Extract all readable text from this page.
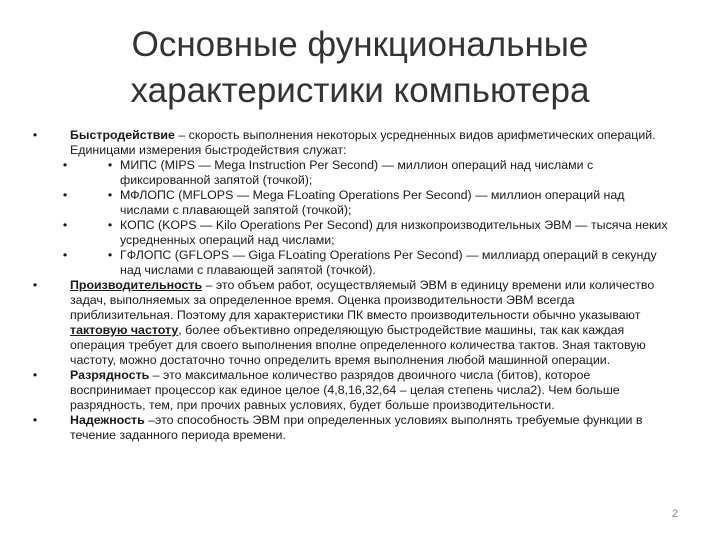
Основные функциональные
характеристики компьютера
•	Быстродействие – скорость выполнения некоторых усредненных видов арифметических операций. Единицами измерения быстродействия служат:
•	• МИПС (MIPS — Mega Instruction Per Second) — миллион операций над числами с фиксированной запятой (точкой);
•	• МФЛОПС (MFLOPS — Mega FLoating Operations Per Second) — миллион операций над числами с плавающей запятой (точкой);
•	• КОПС (KOPS — Kilo Operations Per Second) для низкопроизводительных ЭВМ — тысяча неких усредненных операций над числами;
•	• ГФЛОПС (GFLOPS — Giga FLoating Operations Per Second) — миллиард операций в секунду над числами с плавающей запятой (точкой).
•	Производительность – это объем работ, осуществляемый ЭВМ в единицу времени или количество задач, выполняемых за определенное время. Оценка производительности ЭВМ всегда приблизительная. Поэтому для характеристики ПК вместо производительности обычно указывают тактовую частоту, более объективно определяющую быстродействие машины, так как каждая операция требует для своего выполнения вполне определенного количества тактов. Зная тактовую частоту, можно достаточно точно определить время выполнения любой машинной операции.
•	Разрядность – это максимальное количество разрядов двоичного числа (битов), которое воспринимает процессор как единое целое (4,8,16,32,64 – целая степень числа2). Чем больше разрядность, тем, при прочих равных условиях, будет больше производительности.
•	Надежность –это способность ЭВМ при определенных условиях выполнять требуемые функции в течение заданного периода времени.
2
